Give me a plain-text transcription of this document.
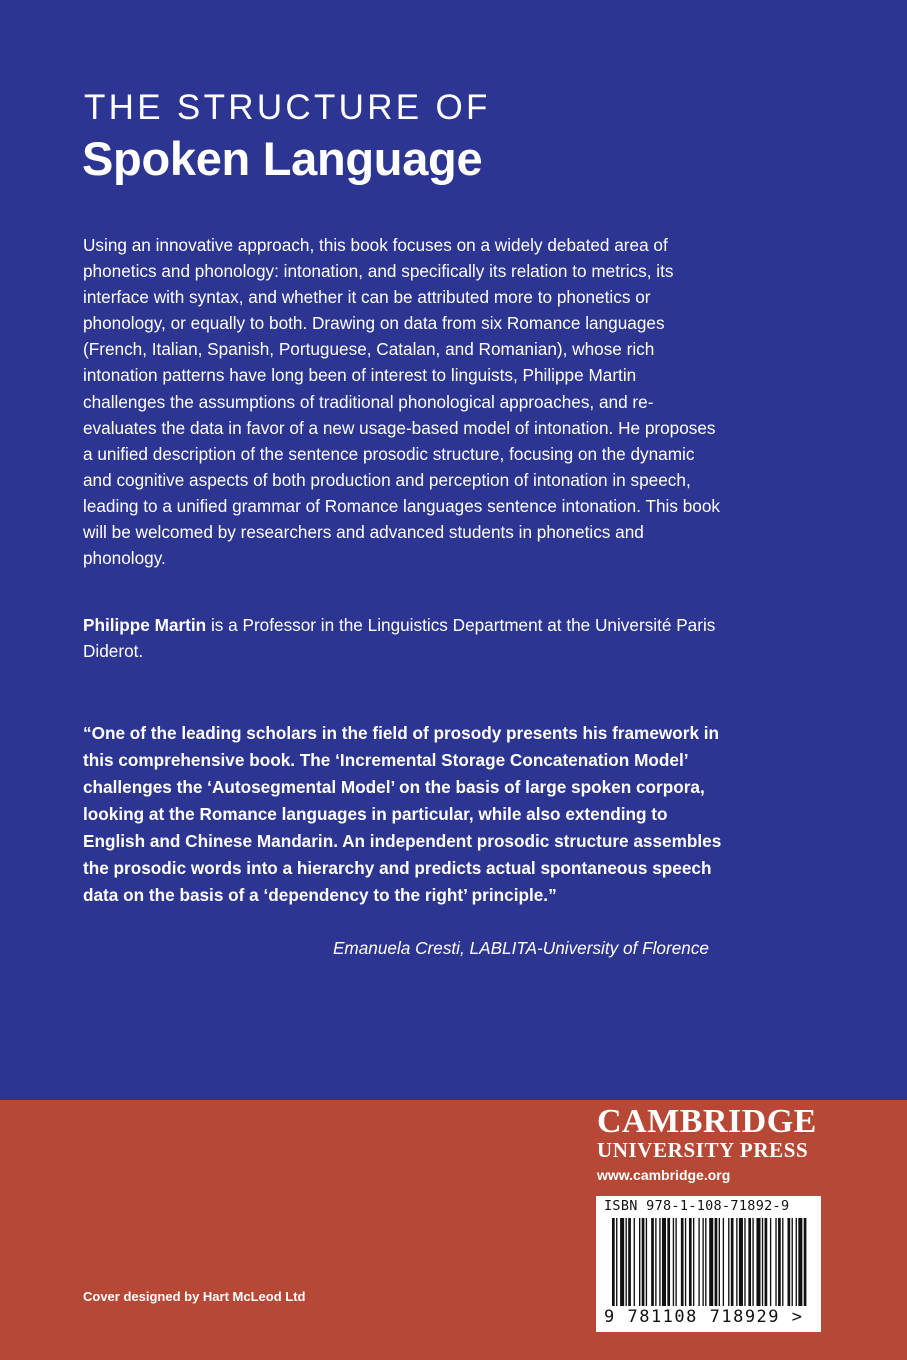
THE STRUCTURE OF
Spoken Language

Using an innovative approach, this book focuses on a widely debated area of phonetics and phonology: intonation, and specifically its relation to metrics, its interface with syntax, and whether it can be attributed more to phonetics or phonology, or equally to both. Drawing on data from six Romance languages (French, Italian, Spanish, Portuguese, Catalan, and Romanian), whose rich intonation patterns have long been of interest to linguists, Philippe Martin challenges the assumptions of traditional phonological approaches, and re-evaluates the data in favor of a new usage-based model of intonation. He proposes a unified description of the sentence prosodic structure, focusing on the dynamic and cognitive aspects of both production and perception of intonation in speech, leading to a unified grammar of Romance languages sentence intonation. This book will be welcomed by researchers and advanced students in phonetics and phonology.

Philippe Martin is a Professor in the Linguistics Department at the Université Paris Diderot.

“One of the leading scholars in the field of prosody presents his framework in this comprehensive book. The ‘Incremental Storage Concatenation Model’ challenges the ‘Autosegmental Model’ on the basis of large spoken corpora, looking at the Romance languages in particular, while also extending to English and Chinese Mandarin. An independent prosodic structure assembles the prosodic words into a hierarchy and predicts actual spontaneous speech data on the basis of a ‘dependency to the right’ principle.”

Emanuela Cresti, LABLITA-University of Florence
CAMBRIDGE
UNIVERSITY PRESS
www.cambridge.org
ISBN 978-1-108-71892-9
9 781108 718929 >
Cover designed by Hart McLeod Ltd
